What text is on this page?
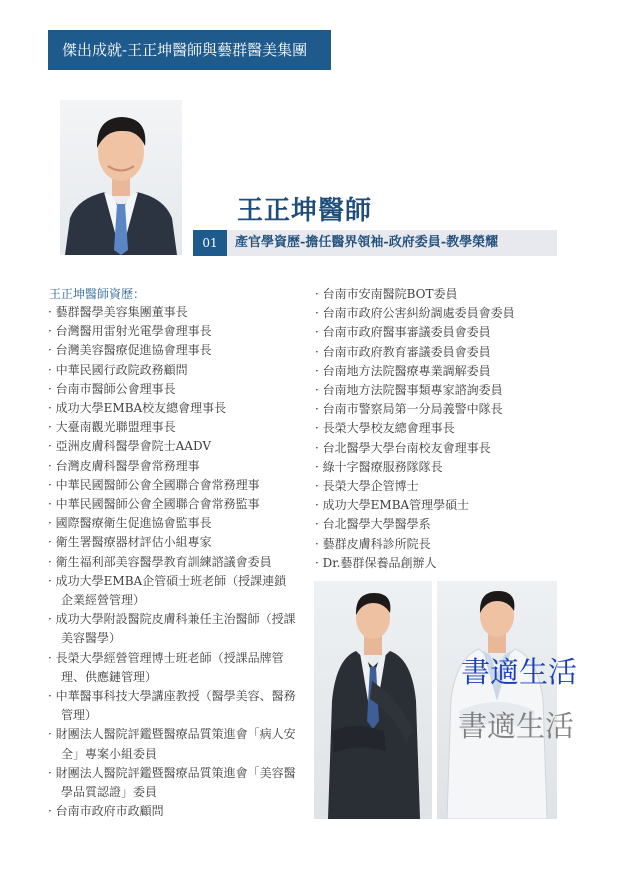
傑出成就-王正坤醫師與藝群醫美集團
王正坤醫師
01	產官學資歷-擔任醫界領袖-政府委員-教學榮耀
王正坤醫師資歷：
· 藝群醫學美容集團董事長
· 台灣醫用雷射光電學會理事長
· 台灣美容醫療促進協會理事長
· 中華民國行政院政務顧問
· 台南市醫師公會理事長
· 成功大學EMBA校友總會理事長
· 大臺南觀光聯盟理事長
· 亞洲皮膚科醫學會院士AADV
· 台灣皮膚科醫學會常務理事
· 中華民國醫師公會全國聯合會常務理事
· 中華民國醫師公會全國聯合會常務監事
· 國際醫療衛生促進協會監事長
· 衛生署醫療器材評估小組專家
· 衛生福利部美容醫學教育訓練諮議會委員
· 成功大學EMBA企管碩士班老師（授課連鎖企業經營管理）
· 成功大學附設醫院皮膚科兼任主治醫師（授課美容醫學）
· 長榮大學經營管理博士班老師（授課品牌管理、供應鏈管理）
· 中華醫事科技大學講座教授（醫學美容、醫務管理）
· 財團法人醫院評鑑暨醫療品質策進會「病人安全」專案小組委員
· 財團法人醫院評鑑暨醫療品質策進會「美容醫學品質認證」委員
· 台南市政府市政顧問
· 台南市安南醫院BOT委員
· 台南市政府公害糾紛調處委員會委員
· 台南市政府醫事審議委員會委員
· 台南市政府教育審議委員會委員
· 台南地方法院醫療專業調解委員
· 台南地方法院醫事類專家諮詢委員
· 台南市警察局第一分局義警中隊長
· 長榮大學校友總會理事長
· 台北醫學大學台南校友會理事長
· 綠十字醫療服務隊隊長
· 長榮大學企管博士
· 成功大學EMBA管理學碩士
· 台北醫學大學醫學系
· 藝群皮膚科診所院長
· Dr.藝群保養品創辦人
書適生活
書適生活
